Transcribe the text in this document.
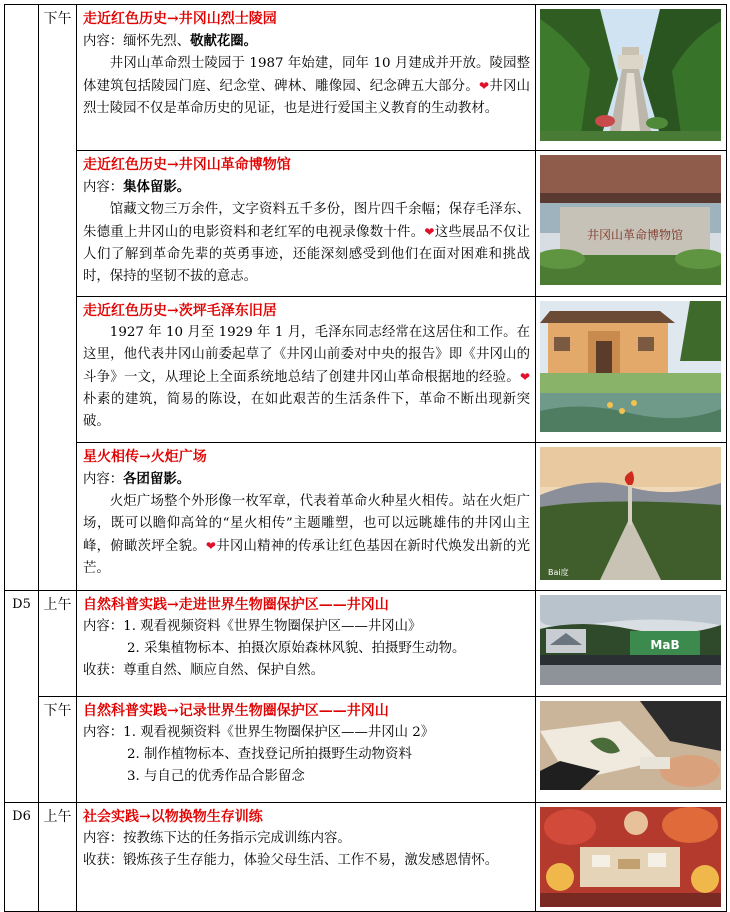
	下午	走近红色历史→井冈山烈士陵园
内容：缅怀先烈、敬献花圈。
井冈山革命烈士陵园于 1987 年始建，同年 10 月建成并开放。陵园整体建筑包括陵园门庭、纪念堂、碑林、雕像园、纪念碑五大部分。❤井冈山烈士陵园不仅是革命历史的见证，也是进行爱国主义教育的生动教材。

		走近红色历史→井冈山革命博物馆
内容：集体留影。
馆藏文物三万余件，文字资料五千多份，图片四千余幅；保存毛泽东、朱德重上井冈山的电影资料和老红军的电视录像数十件。❤这些展品不仅让人们了解到革命先辈的英勇事迹，还能深刻感受到他们在面对困难和挑战时，保持的坚韧不拔的意志。	井冈山革命博物馆

		走近红色历史→茨坪毛泽东旧居
1927 年 10 月至 1929 年 1 月，毛泽东同志经常在这居住和工作。在这里，他代表井冈山前委起草了《井冈山前委对中央的报告》即《井冈山的斗争》一文，从理论上全面系统地总结了创建井冈山革命根据地的经验。❤朴素的建筑，简易的陈设，在如此艰苦的生活条件下，革命不断出现新突破。

		星火相传→火炬广场
内容：各团留影。
火炬广场整个外形像一枚军章，代表着革命火种星火相传。站在火炬广场，既可以瞻仰高耸的“星火相传”主题雕塑，也可以远眺雄伟的井冈山主峰，俯瞰茨坪全貌。❤井冈山精神的传承让红色基因在新时代焕发出新的光芒。	Bai度

D5	上午	自然科普实践→走进世界生物圈保护区——井冈山
内容：1. 观看视频资料《世界生物圈保护区——井冈山》
2. 采集植物标本、拍摄次原始森林风貌、拍摄野生动物。
收获：尊重自然、顺应自然、保护自然。	MaB

	下午	自然科普实践→记录世界生物圈保护区——井冈山
内容：1. 观看视频资料《世界生物圈保护区——井冈山 2》
2. 制作植物标本、查找登记所拍摄野生动物资料
3. 与自己的优秀作品合影留念

D6	上午	社会实践→以物换物生存训练
内容：按教练下达的任务指示完成训练内容。
收获：锻炼孩子生存能力，体验父母生活、工作不易，激发感恩情怀。
